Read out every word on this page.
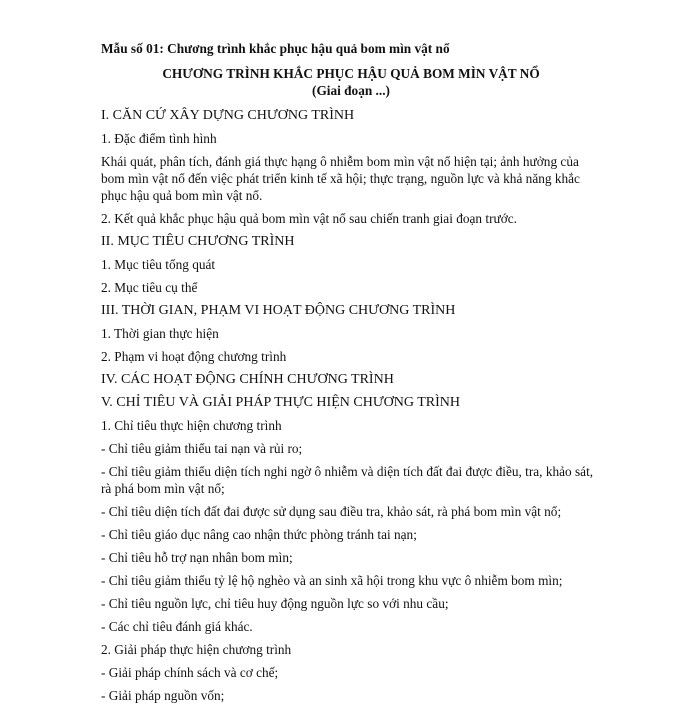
Mẫu số 01: Chương trình khắc phục hậu quả bom mìn vật nổ

CHƯƠNG TRÌNH KHẮC PHỤC HẬU QUẢ BOM MÌN VẬT NỔ

(Giai đoạn ...)

I. CĂN CỨ XÂY DỰNG CHƯƠNG TRÌNH

1. Đặc điểm tình hình

Khái quát, phân tích, đánh giá thực hạng ô nhiễm bom mìn vật nổ hiện tại; ảnh hưởng của bom mìn vật nổ đến việc phát triển kinh tế xã hội; thực trạng, nguồn lực và khả năng khắc phục hậu quả bom mìn vật nổ.

2. Kết quả khắc phục hậu quả bom mìn vật nổ sau chiến tranh giai đoạn trước.

II. MỤC TIÊU CHƯƠNG TRÌNH

1. Mục tiêu tổng quát

2. Mục tiêu cụ thể

III. THỜI GIAN, PHẠM VI HOẠT ĐỘNG CHƯƠNG TRÌNH

1. Thời gian thực hiện

2. Phạm vi hoạt động chương trình

IV. CÁC HOẠT ĐỘNG CHÍNH CHƯƠNG TRÌNH

V. CHỈ TIÊU VÀ GIẢI PHÁP THỰC HIỆN CHƯƠNG TRÌNH

1. Chỉ tiêu thực hiện chương trình

- Chỉ tiêu giảm thiểu tai nạn và rủi ro;

- Chỉ tiêu giảm thiểu diện tích nghi ngờ ô nhiễm và diện tích đất đai được điều, tra, khảo sát, rà phá bom mìn vật nổ;

- Chỉ tiêu diện tích đất đai được sử dụng sau điều tra, khảo sát, rà phá bom mìn vật nổ;

- Chỉ tiêu giáo dục nâng cao nhận thức phòng tránh tai nạn;

- Chỉ tiêu hỗ trợ nạn nhân bom mìn;

- Chỉ tiêu giảm thiểu tỷ lệ hộ nghèo và an sinh xã hội trong khu vực ô nhiễm bom mìn;

- Chỉ tiêu nguồn lực, chỉ tiêu huy động nguồn lực so với nhu cầu;

- Các chỉ tiêu đánh giá khác.

2. Giải pháp thực hiện chương trình

- Giải pháp chính sách và cơ chế;

- Giải pháp nguồn vốn;
